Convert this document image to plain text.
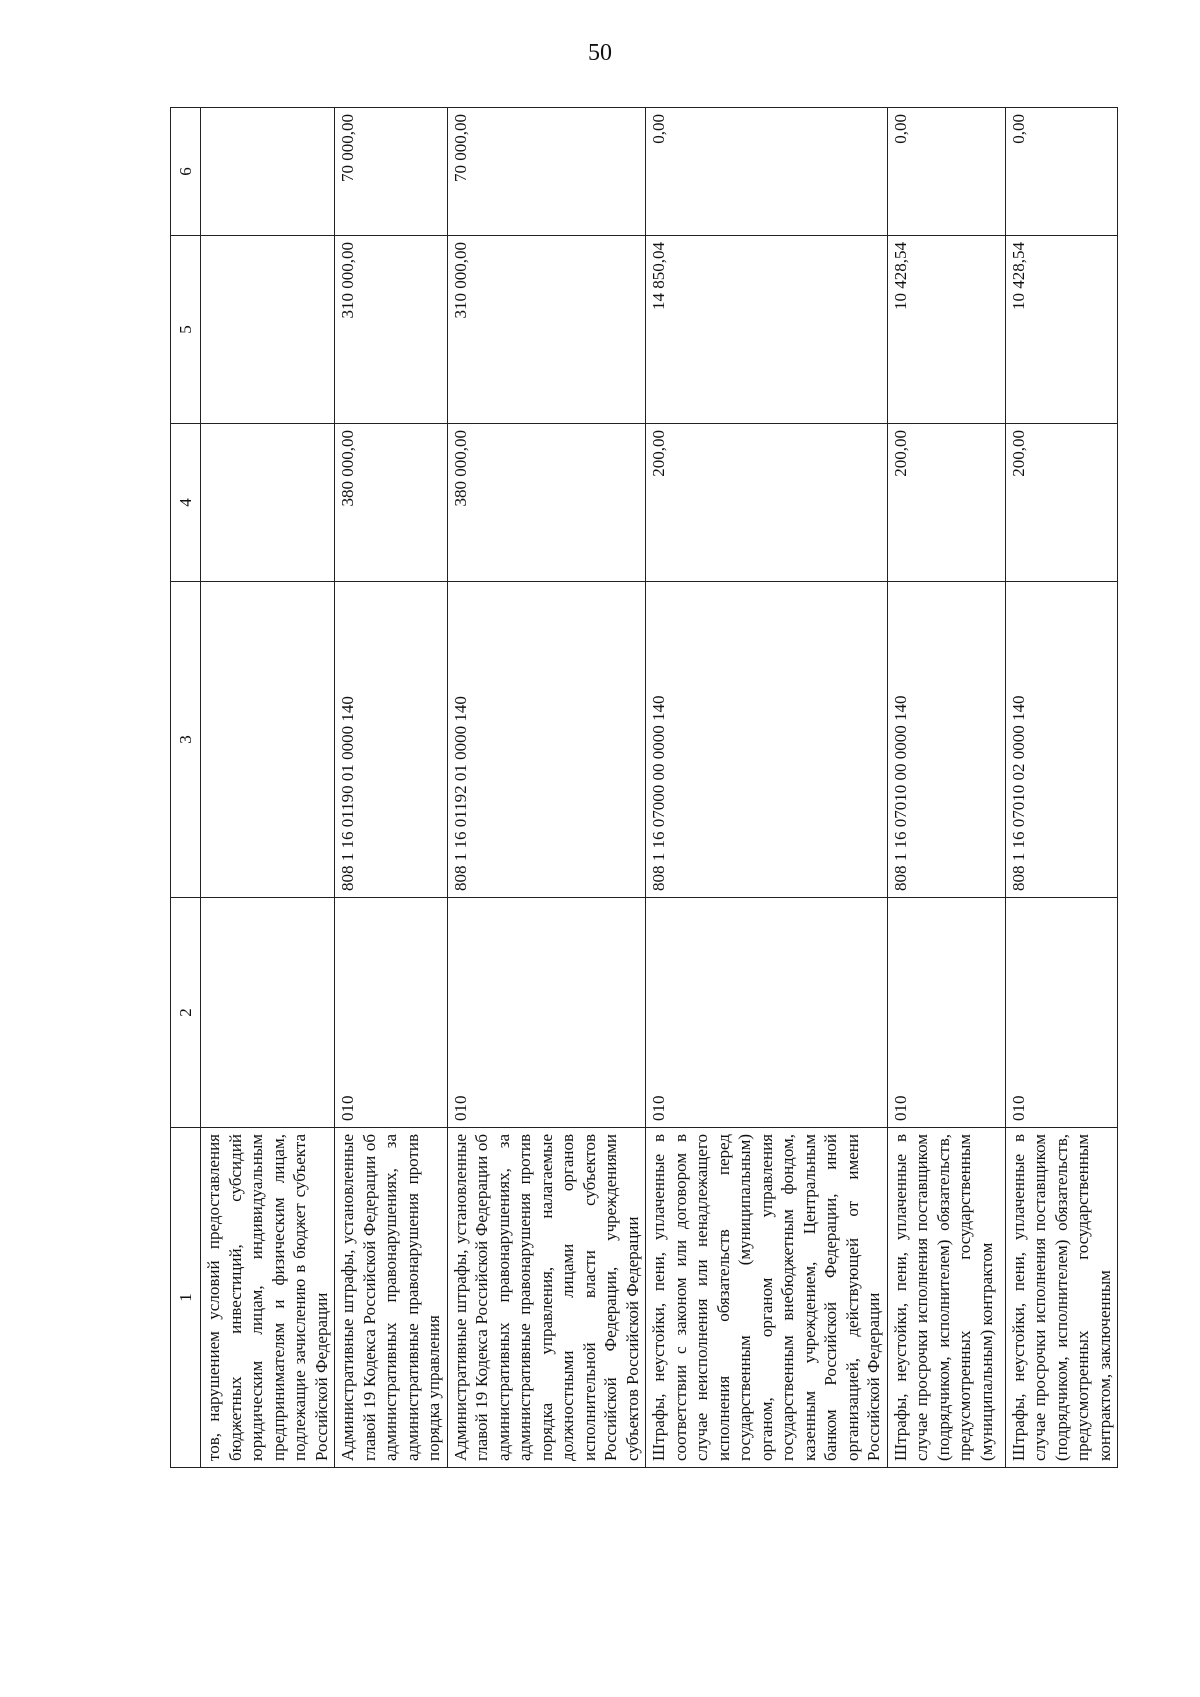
50
1	2	3	4	5	6
тов, нарушением условий предоставления бюджетных инвестиций, субсидий юридическим лицам, индивидуальным предпринимателям и физическим лицам, подлежащие зачислению в бюджет субъекта Российской Федерации					
Административные штрафы, установленные главой 19 Кодекса Российской Федерации об административных правонарушениях, за административные правонарушения против порядка управления	010	808 1 16 01190 01 0000 140	380 000,00	310 000,00	70 000,00
Административные штрафы, установленные главой 19 Кодекса Российской Федерации об административных правонарушениях, за административные правонарушения против порядка управления, налагаемые должностными лицами органов исполнительной власти субъектов Российской Федерации, учреждениями субъектов Российской Федерации	010	808 1 16 01192 01 0000 140	380 000,00	310 000,00	70 000,00
Штрафы, неустойки, пени, уплаченные в соответствии с законом или договором в случае неисполнения или ненадлежащего исполнения обязательств перед государственным (муниципальным) органом, органом управления государственным внебюджетным фондом, казенным учреждением, Центральным банком Российской Федерации, иной организацией, действующей от имени Российской Федерации	010	808 1 16 07000 00 0000 140	200,00	14 850,04	0,00
Штрафы, неустойки, пени, уплаченные в случае просрочки исполнения поставщиком (подрядчиком, исполнителем) обязательств, предусмотренных государственным (муниципальным) контрактом	010	808 1 16 07010 00 0000 140	200,00	10 428,54	0,00
Штрафы, неустойки, пени, уплаченные в случае просрочки исполнения поставщиком (подрядчиком, исполнителем) обязательств, предусмотренных государственным контрактом, заключенным	010	808 1 16 07010 02 0000 140	200,00	10 428,54	0,00
